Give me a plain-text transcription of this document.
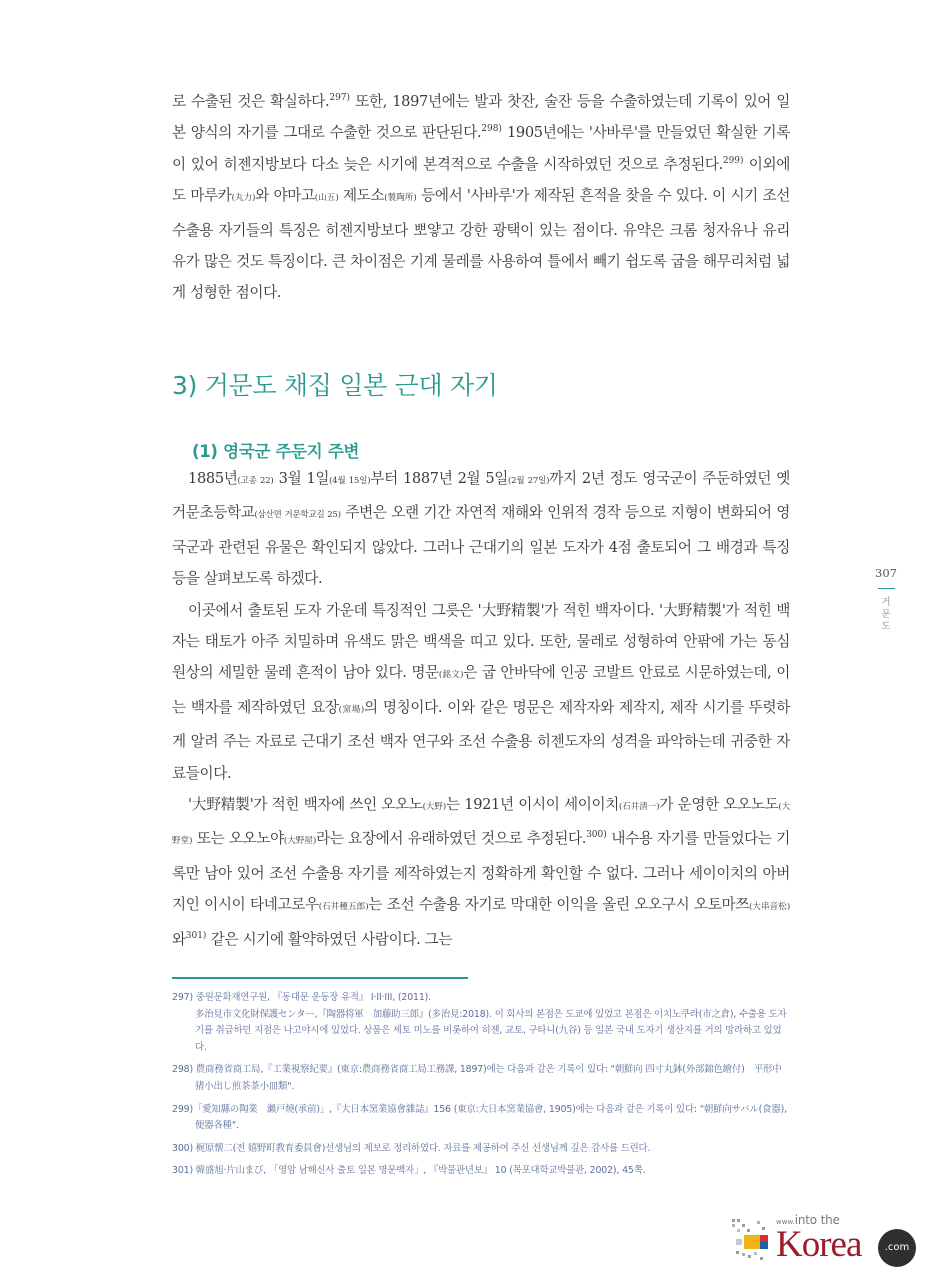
로 수출된 것은 확실하다.$^{297)}$ 또한, 1897년에는 발과 찻잔, 술잔 등을 수출하였는데 기록이 있어 일본 양식의 자기를 그대로 수출한 것으로 판단된다.$^{298)}$ 1905년에는 '사바루'를 만들었던 확실한 기록이 있어 히젠지방보다 다소 늦은 시기에 본격적으로 수출을 시작하였던 것으로 추정된다.$^{299)}$ 이외에도 마루카(丸力)와 야마고(山五) 제도소(製陶所) 등에서 '사바루'가 제작된 흔적을 찾을 수 있다. 이 시기 조선 수출용 자기들의 특징은 히젠지방보다 뽀얗고 강한 광택이 있는 점이다. 유약은 크롬 청자유나 유리유가 많은 것도 특징이다. 큰 차이점은 기계 물레를 사용하여 틀에서 빼기 쉽도록 굽을 해무리처럼 넓게 성형한 점이다.

3) 거문도 채집 일본 근대 자기
(1) 영국군 주둔지 주변

1885년(고종 22) 3월 1일(4월 15일)부터 1887년 2월 5일(2월 27일)까지 2년 정도 영국군이 주둔하였던 옛 거문초등학교(삼산면 거문학교길 25) 주변은 오랜 기간 자연적 재해와 인위적 경작 등으로 지형이 변화되어 영국군과 관련된 유물은 확인되지 않았다. 그러나 근대기의 일본 도자가 4점 출토되어 그 배경과 특징 등을 살펴보도록 하겠다.

이곳에서 출토된 도자 가운데 특징적인 그릇은 '大野精製'가 적힌 백자이다. '大野精製'가 적힌 백자는 태토가 아주 치밀하며 유색도 맑은 백색을 띠고 있다. 또한, 물레로 성형하여 안팎에 가는 동심원상의 세밀한 물레 흔적이 남아 있다. 명문(銘文)은 굽 안바닥에 인공 코발트 안료로 시문하였는데, 이는 백자를 제작하였던 요장(窯場)의 명칭이다. 이와 같은 명문은 제작자와 제작지, 제작 시기를 뚜렷하게 알려 주는 자료로 근대기 조선 백자 연구와 조선 수출용 히젠도자의 성격을 파악하는데 귀중한 자료들이다.

'大野精製'가 적힌 백자에 쓰인 오오노(大野)는 1921년 이시이 세이이치(石井清一)가 운영한 오오노도(大野堂) 또는 오오노야(大野屋)라는 요장에서 유래하였던 것으로 추정된다.$^{300)}$ 내수용 자기를 만들었다는 기록만 남아 있어 조선 수출용 자기를 제작하였는지 정확하게 확인할 수 없다. 그러나 세이이치의 아버지인 이시이 타네고로우(石井種五郎)는 조선 수출용 자기로 막대한 이익을 올린 오오구시 오토마쯔(大串音松)와$^{301)}$ 같은 시기에 활약하였던 사람이다. 그는

307
거문도

297) 중원문화재연구원, 『동대문 운동장 유적』 I·II·III, (2011).
多治見市文化財保護センター,『陶器将軍　加藤助三郎』(多治見:2018). 이 회사의 본점은 도쿄에 있었고 본점은 이치노쿠라(市之倉), 수출용 도자기를 취급하던 지점은 나고야시에 있었다. 상품은 세토 미노를 비롯하여 히젠, 교토, 구타니(九谷) 등 일본 국내 도자기 생산지를 거의 망라하고 있었다.

298) 農商務省商工局,『工業視察紀要』(東京:農商務省商工局工務課, 1897)에는 다음과 같은 기록이 있다: "朝鮮向 四寸丸鉢(外部錦色繪付)　平形中猪小出し煎茶茶小皿類".

299)「愛知縣の陶業　瀨戸燒(承前)」,『大日本窯業協會雜誌』156 (東京:大日本窯業協會, 1905)에는 다음과 같은 기록이 있다: "朝鮮向サバル(食器), 便器各種".

300) 梶原懐二(전 嬉野町教育委員會)선생님의 제보로 정리하였다. 자료를 제공하여 주신 선생님께 깊은 감사를 드린다.

301) 韓盛旭·片山まび, 「영암 남해신사 출토 일본 명문백자」, 『박물관년보』 10 (목포대학교박물관, 2002), 45쪽.

www.into the
Korea	.com
